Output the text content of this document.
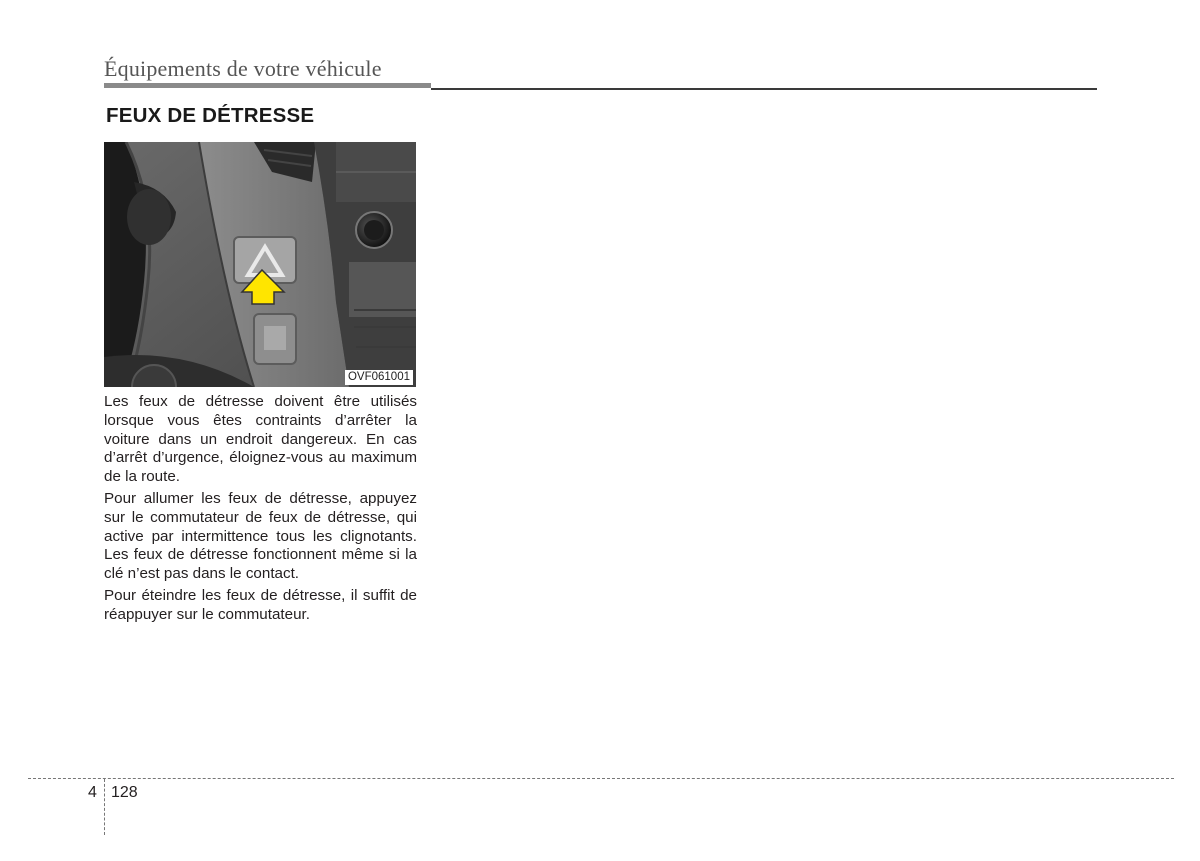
Équipements de votre véhicule
FEUX DE DÉTRESSE
OVF061001

Les feux de détresse doivent être utilisés lorsque vous êtes contraints d’arrêter la voiture dans un endroit dangereux. En cas d’arrêt d’urgence, éloignez-vous au maximum de la route.

Pour allumer les feux de détresse, appuyez sur le commutateur de feux de détresse, qui active par intermittence tous les clignotants. Les feux de détresse fonctionnent même si la clé n’est pas dans le contact.

Pour éteindre les feux de détresse, il suffit de réappuyer sur le commutateur.

4 128
